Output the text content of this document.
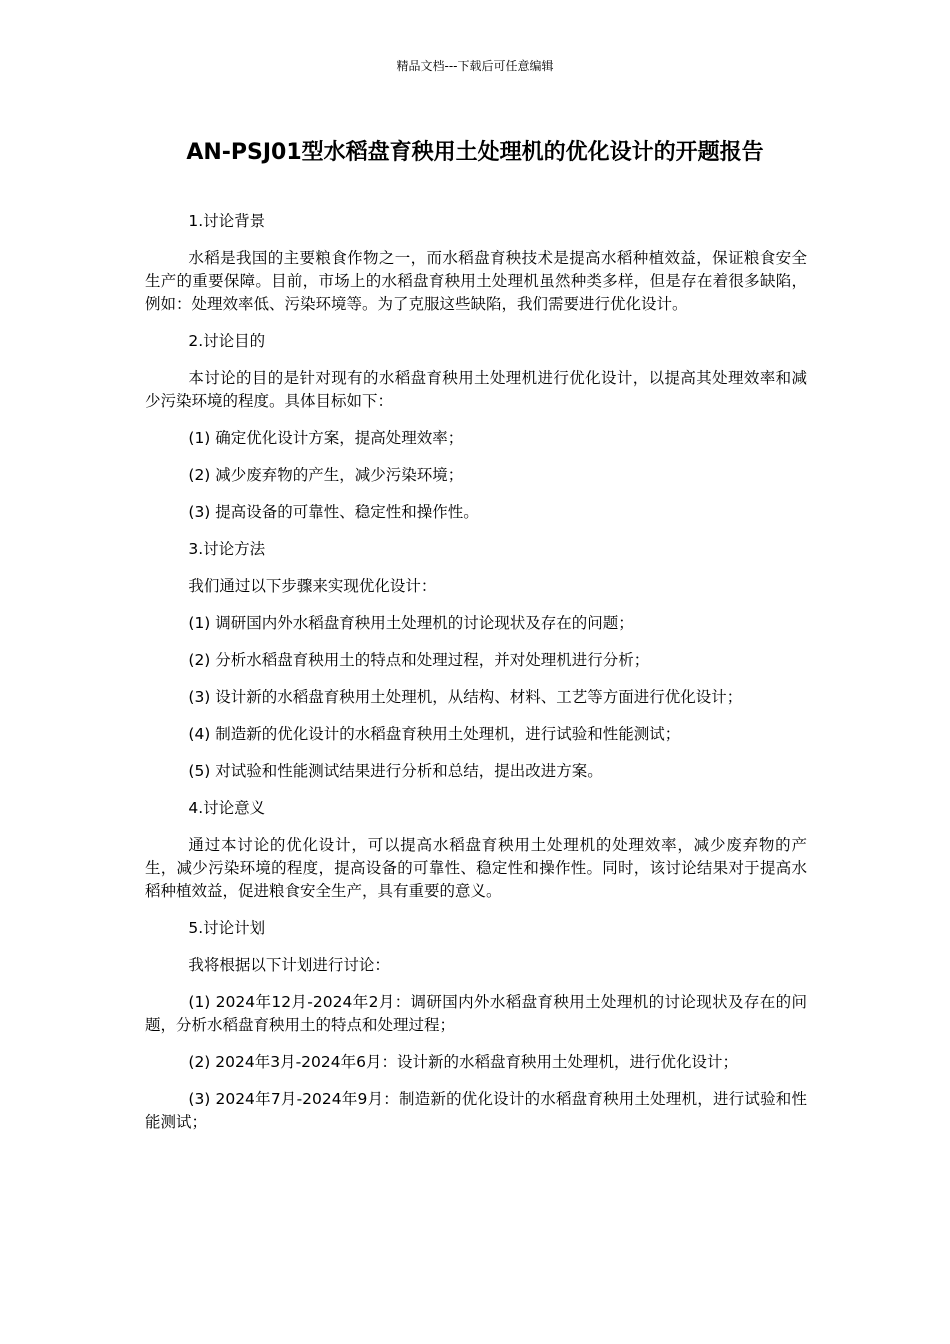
精品文档---下载后可任意编辑
AN-PSJ01型水稻盘育秧用土处理机的优化设计的开题报告

1.讨论背景

水稻是我国的主要粮食作物之一，而水稻盘育秧技术是提高水稻种植效益，保证粮食安全生产的重要保障。目前，市场上的水稻盘育秧用土处理机虽然种类多样，但是存在着很多缺陷，例如：处理效率低、污染环境等。为了克服这些缺陷，我们需要进行优化设计。

2.讨论目的

本讨论的目的是针对现有的水稻盘育秧用土处理机进行优化设计，以提高其处理效率和减少污染环境的程度。具体目标如下：

(1) 确定优化设计方案，提高处理效率；

(2) 减少废弃物的产生，减少污染环境；

(3) 提高设备的可靠性、稳定性和操作性。

3.讨论方法

我们通过以下步骤来实现优化设计：

(1) 调研国内外水稻盘育秧用土处理机的讨论现状及存在的问题；

(2) 分析水稻盘育秧用土的特点和处理过程，并对处理机进行分析；

(3) 设计新的水稻盘育秧用土处理机，从结构、材料、工艺等方面进行优化设计；

(4) 制造新的优化设计的水稻盘育秧用土处理机，进行试验和性能测试；

(5) 对试验和性能测试结果进行分析和总结，提出改进方案。

4.讨论意义

通过本讨论的优化设计，可以提高水稻盘育秧用土处理机的处理效率，减少废弃物的产生，减少污染环境的程度，提高设备的可靠性、稳定性和操作性。同时，该讨论结果对于提高水稻种植效益，促进粮食安全生产，具有重要的意义。

5.讨论计划

我将根据以下计划进行讨论：

(1) 2024年12月-2024年2月：调研国内外水稻盘育秧用土处理机的讨论现状及存在的问题，分析水稻盘育秧用土的特点和处理过程；

(2) 2024年3月-2024年6月：设计新的水稻盘育秧用土处理机，进行优化设计；

(3) 2024年7月-2024年9月：制造新的优化设计的水稻盘育秧用土处理机，进行试验和性能测试；
